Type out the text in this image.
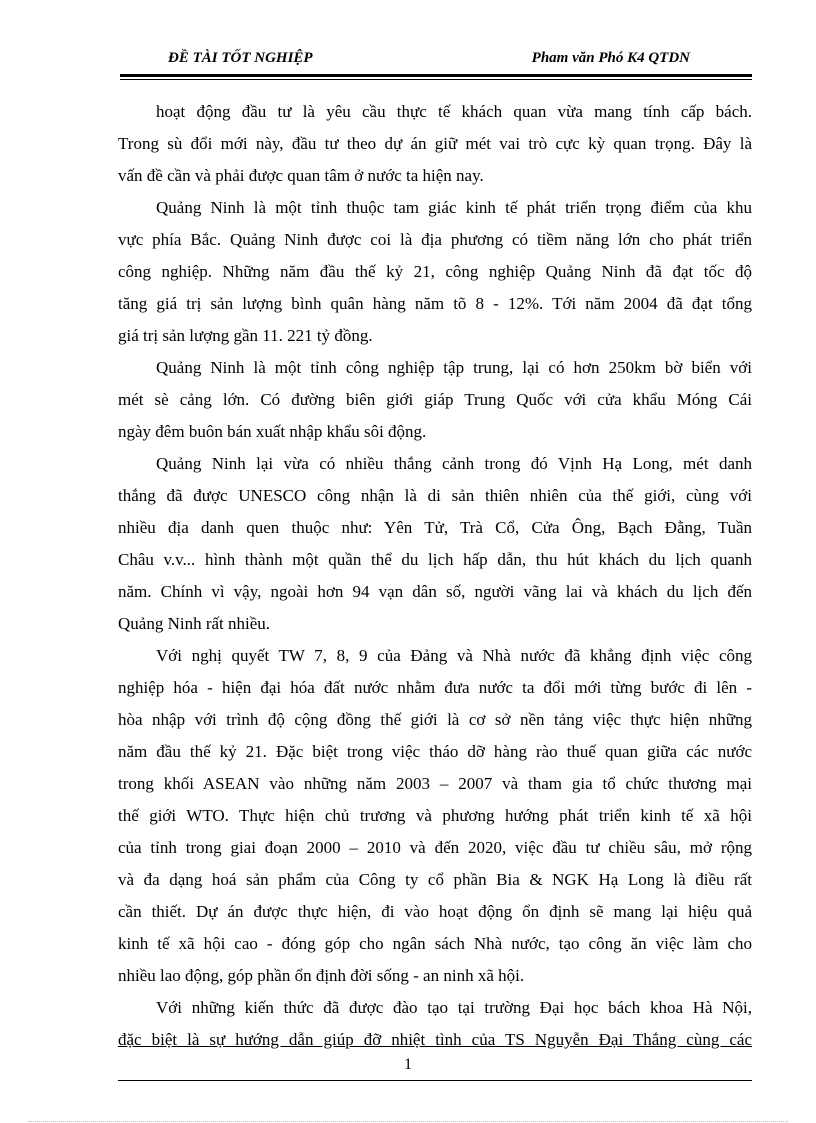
ĐỀ TÀI TỐT NGHIỆP	Pham văn Phó K4 QTDN
hoạt động đầu tư là yêu cầu thực tế khách quan vừa mang tính cấp bách.
Trong sù đổi mới này, đầu tư theo dự án giữ mét vai trò cực kỳ quan trọng. Đây là
vấn đề cần và phải được quan tâm ở nước ta hiện nay.
Quảng Ninh là một tỉnh thuộc tam giác kinh tế phát triển trọng điểm của khu
vực phía Bắc. Quảng Ninh được coi là địa phương có tiềm năng lớn cho phát triển
công nghiệp. Những năm đầu thế kỷ 21, công nghiệp Quảng Ninh đã đạt tốc độ
tăng giá trị sản lượng bình quân hàng năm tõ 8 - 12%. Tới năm 2004 đã đạt tổng
giá trị sản lượng gần 11. 221 tỷ đồng.
Quảng Ninh là một tỉnh công nghiệp tập trung, lại có hơn 250km bờ biển với
mét sè cảng lớn. Có đường biên giới giáp Trung Quốc với cửa khẩu Móng Cái
ngày đêm buôn bán xuất nhập khẩu sôi động.
Quảng Ninh lại vừa có nhiều thắng cảnh trong đó Vịnh Hạ Long, mét danh
thắng đã được UNESCO công nhận là di sản thiên nhiên của thế giới, cùng với
nhiều địa danh quen thuộc như: Yên Tử, Trà Cổ, Cửa Ông, Bạch Đằng, Tuần
Châu v.v... hình thành một quần thể du lịch hấp dẫn, thu hút khách du lịch quanh
năm. Chính vì vậy, ngoài hơn 94 vạn dân số, người vãng lai và khách du lịch đến
Quảng Ninh rất nhiều.
Với nghị quyết TW 7, 8, 9 của Đảng và Nhà nước đã khẳng định việc công
nghiệp hóa - hiện đại hóa đất nước nhằm đưa nước ta đổi mới từng bước đi lên -
hòa nhập với trình độ cộng đồng thế giới là cơ sở nền tảng việc thực hiện những
năm đầu thế kỷ 21. Đặc biệt trong việc tháo dỡ hàng rào thuế quan giữa các nước
trong khối ASEAN vào những năm 2003 – 2007 và tham gia tổ chức thương mại
thế giới WTO. Thực hiện chủ trương và phương hướng phát triển kinh tế xã hội
của tỉnh trong giai đoạn 2000 – 2010 và đến 2020, việc đầu tư chiều sâu, mở rộng
và đa dạng hoá sản phẩm của Công ty cổ phần Bia & NGK Hạ Long là điều rất
cần thiết. Dự án được thực hiện, đi vào hoạt động ổn định sẽ mang lại hiệu quả
kinh tế xã hội cao - đóng góp cho ngân sách Nhà nước, tạo công ăn việc làm cho
nhiều lao động, góp phần ổn định đời sống - an ninh xã hội.
Với những kiến thức đã được đào tạo tại trường Đại học bách khoa Hà Nội,
đặc biệt là sự hướng dẫn giúp đỡ nhiệt tình của TS Nguyễn Đại Thắng cùng các
1
